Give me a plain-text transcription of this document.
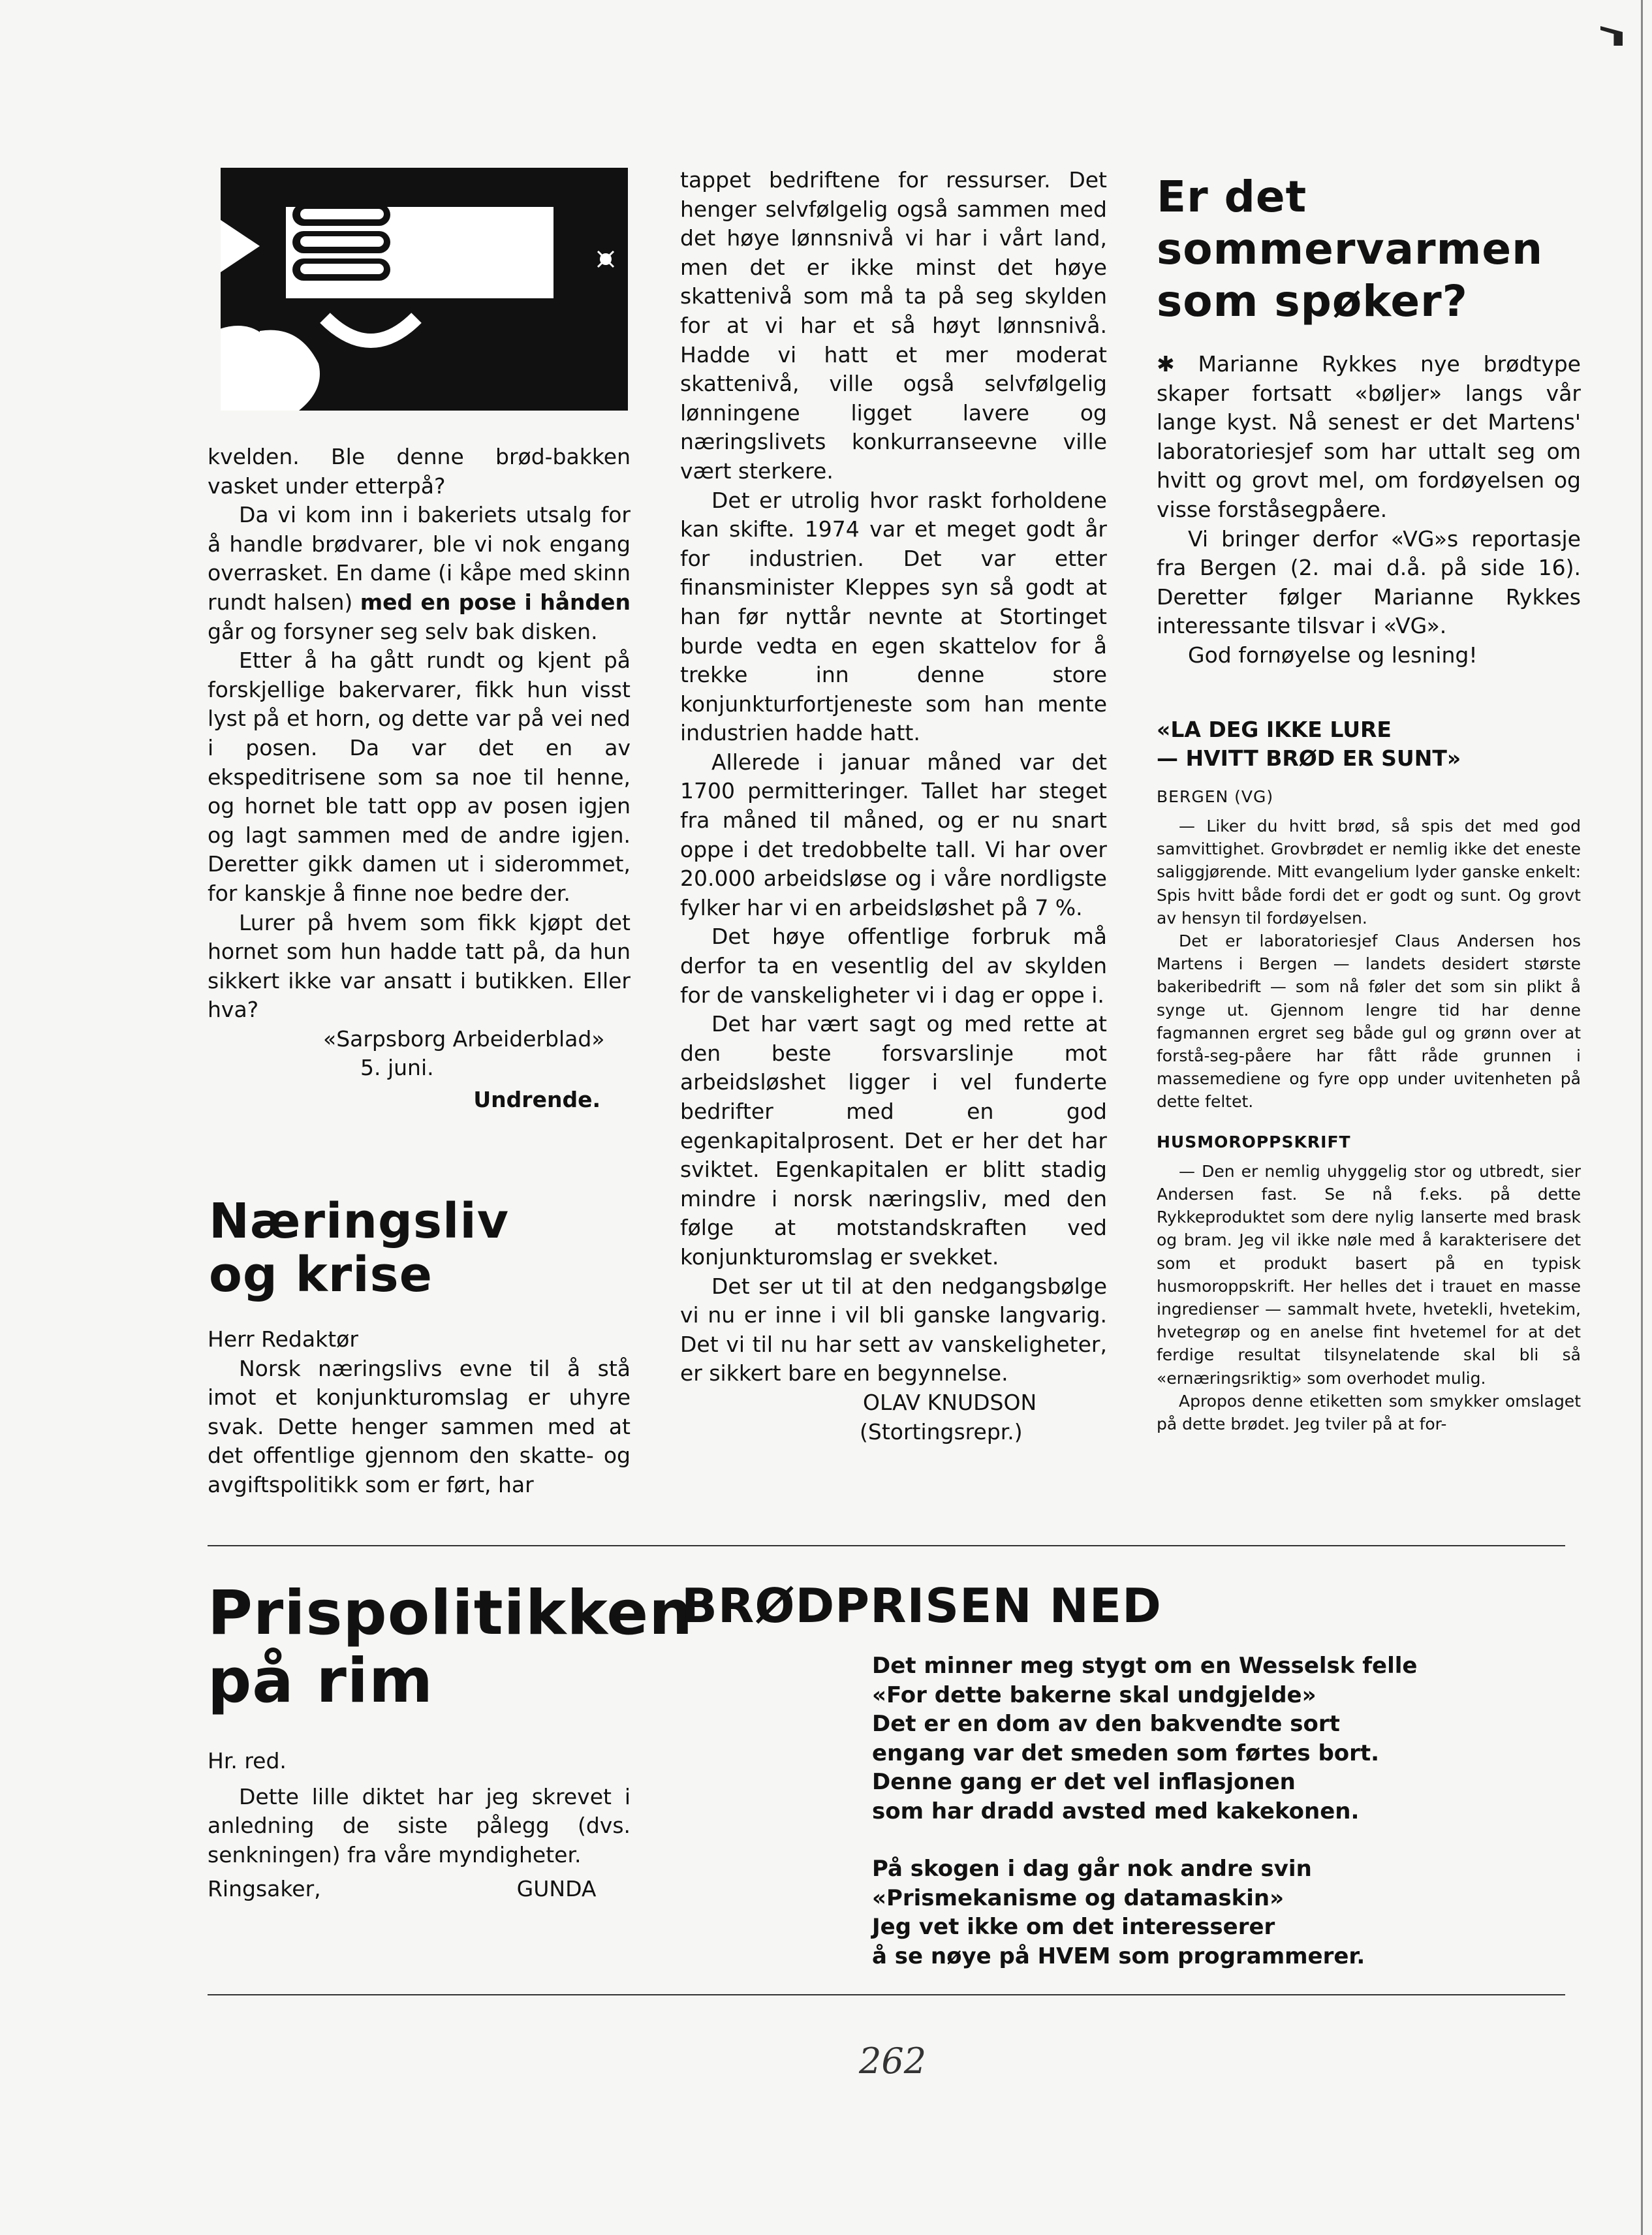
kvelden. Ble denne brød-bakken vasket under etterpå?

Da vi kom inn i bakeriets utsalg for å handle brødvarer, ble vi nok engang overrasket. En dame (i kåpe med skinn rundt halsen) med en pose i hånden går og forsyner seg selv bak disken.

Etter å ha gått rundt og kjent på forskjellige bakervarer, fikk hun visst lyst på et horn, og dette var på vei ned i posen. Da var det en av ekspeditrisene som sa noe til henne, og hornet ble tatt opp av posen igjen og lagt sammen med de andre igjen. Deretter gikk damen ut i siderommet, for kanskje å finne noe bedre der.

Lurer på hvem som fikk kjøpt det hornet som hun hadde tatt på, da hun sikkert ikke var ansatt i butikken. Eller hva?

«Sarpsborg Arbeiderblad»

5. juni.

Undrende.

Næringsliv
og krise

Herr Redaktør

Norsk næringslivs evne til å stå imot et konjunkturomslag er uhyre svak. Dette henger sammen med at det offentlige gjennom den skatte- og avgiftspolitikk som er ført, har

tappet bedriftene for ressurser. Det henger selvfølgelig også sammen med det høye lønnsnivå vi har i vårt land, men det er ikke minst det høye skattenivå som må ta på seg skylden for at vi har et så høyt lønnsnivå. Hadde vi hatt et mer moderat skattenivå, ville også selvfølgelig lønningene ligget lavere og næringslivets konkurranseevne ville vært sterkere.

Det er utrolig hvor raskt forholdene kan skifte. 1974 var et meget godt år for industrien. Det var etter finansminister Kleppes syn så godt at han før nyttår nevnte at Stortinget burde vedta en egen skattelov for å trekke inn denne store konjunkturfortjeneste som han mente industrien hadde hatt.

Allerede i januar måned var det 1700 permitteringer. Tallet har steget fra måned til måned, og er nu snart oppe i det tredobbelte tall. Vi har over 20.000 arbeidsløse og i våre nordligste fylker har vi en arbeidsløshet på 7 %.

Det høye offentlige forbruk må derfor ta en vesentlig del av skylden for de vanskeligheter vi i dag er oppe i.

Det har vært sagt og med rette at den beste forsvarslinje mot arbeidsløshet ligger i vel funderte bedrifter med en god egenkapitalprosent. Det er her det har sviktet. Egenkapitalen er blitt stadig mindre i norsk næringsliv, med den følge at motstandskraften ved konjunkturomslag er svekket.

Det ser ut til at den nedgangsbølge vi nu er inne i vil bli ganske langvarig. Det vi til nu har sett av vanskeligheter, er sikkert bare en begynnelse.

OLAV KNUDSON

(Stortingsrepr.)

Er det
sommervarmen
som spøker?

✱ Marianne Rykkes nye brødtype skaper fortsatt «bøljer» langs vår lange kyst. Nå senest er det Martens' laboratoriesjef som har uttalt seg om hvitt og grovt mel, om fordøyelsen og visse forståsegpåere.

Vi bringer derfor «VG»s reportasje fra Bergen (2. mai d.å. på side 16). Deretter følger Marianne Rykkes interessante tilsvar i «VG».

God fornøyelse og lesning!

«LA DEG IKKE LURE
— HVITT BRØD ER SUNT»
BERGEN (VG)

— Liker du hvitt brød, så spis det med god samvittighet. Grovbrødet er nemlig ikke det eneste saliggjørende. Mitt evangelium lyder ganske enkelt: Spis hvitt både fordi det er godt og sunt. Og grovt av hensyn til fordøyelsen.

Det er laboratoriesjef Claus Andersen hos Martens i Bergen — landets desidert største bakeribedrift — som nå føler det som sin plikt å synge ut. Gjennom lengre tid har denne fagmannen ergret seg både gul og grønn over at forstå-seg-påere har fått råde grunnen i massemediene og fyre opp under uvitenheten på dette feltet.

HUSMOROPPSKRIFT

— Den er nemlig uhyggelig stor og utbredt, sier Andersen fast. Se nå f.eks. på dette Rykkeproduktet som dere nylig lanserte med brask og bram. Jeg vil ikke nøle med å karakterisere det som et produkt basert på en typisk husmoroppskrift. Her helles det i trauet en masse ingredienser — sammalt hvete, hvetekli, hvetekim, hvetegrøp og en anelse fint hvetemel for at det ferdige resultat tilsynelatende skal bli så «ernæringsriktig» som overhodet mulig.

Apropos denne etiketten som smykker omslaget på dette brødet. Jeg tviler på at for-

Prispolitikken
på rim

Hr. red.

Dette lille diktet har jeg skrevet i anledning de siste pålegg (dvs. senkningen) fra våre myndigheter.

Ringsaker,	GUNDA

BRØDPRISEN NED

Det minner meg stygt om en Wesselsk felle

«For dette bakerne skal undgjelde»

Det er en dom av den bakvendte sort

engang var det smeden som førtes bort.

Denne gang er det vel inflasjonen

som har dradd avsted med kakekonen.

På skogen i dag går nok andre svin

«Prismekanisme og datamaskin»

Jeg vet ikke om det interesserer

å se nøye på HVEM som programmerer.

262
